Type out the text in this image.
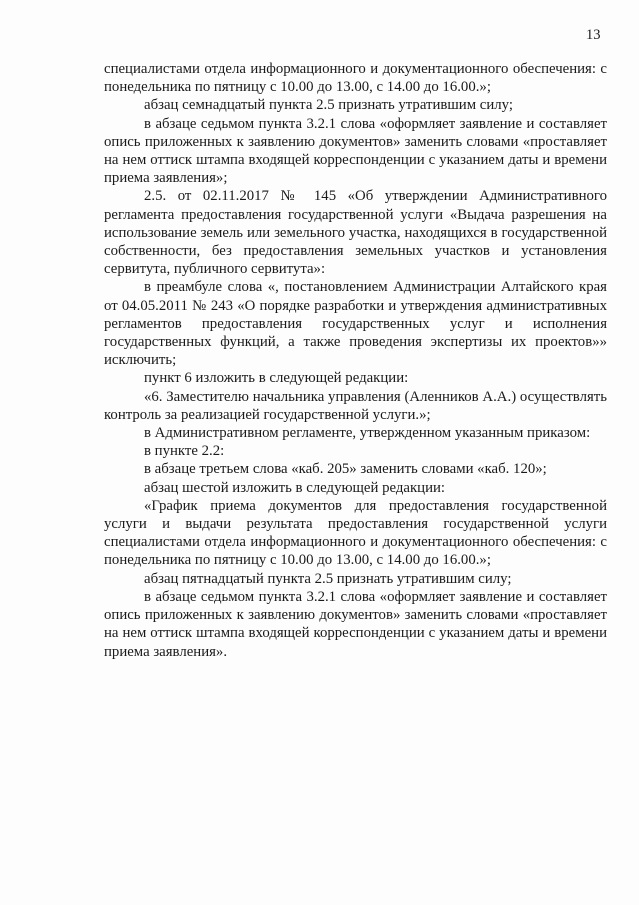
13

специалистами отдела информационного и документационного обеспечения: с понедельника по пятницу с 10.00 до 13.00, с 14.00 до 16.00.»;

абзац семнадцатый пункта 2.5 признать утратившим силу;

в абзаце седьмом пункта 3.2.1 слова «оформляет заявление и составляет опись приложенных к заявлению документов» заменить словами «проставляет на нем оттиск штампа входящей корреспонденции с указанием даты и времени приема заявления»;

2.5. от 02.11.2017 № 145 «Об утверждении Административного регламента предоставления государственной услуги «Выдача разрешения на использование земель или земельного участка, находящихся в государственной собственности, без предоставления земельных участков и установления сервитута, публичного сервитута»:

в преамбуле слова «, постановлением Администрации Алтайского края от 04.05.2011 № 243 «О порядке разработки и утверждения административных регламентов предоставления государственных услуг и исполнения государственных функций, а также проведения экспертизы их проектов»» исключить;

пункт 6 изложить в следующей редакции:

«6. Заместителю начальника управления (Аленников А.А.) осуществлять контроль за реализацией государственной услуги.»;

в Административном регламенте, утвержденном указанным приказом:

в пункте 2.2:

в абзаце третьем слова «каб. 205» заменить словами «каб. 120»;

абзац шестой изложить в следующей редакции:

«График приема документов для предоставления государственной услуги и выдачи результата предоставления государственной услуги специалистами отдела информационного и документационного обеспечения: с понедельника по пятницу с 10.00 до 13.00, с 14.00 до 16.00.»;

абзац пятнадцатый пункта 2.5 признать утратившим силу;

в абзаце седьмом пункта 3.2.1 слова «оформляет заявление и составляет опись приложенных к заявлению документов» заменить словами «проставляет на нем оттиск штампа входящей корреспонденции с указанием даты и времени приема заявления».
